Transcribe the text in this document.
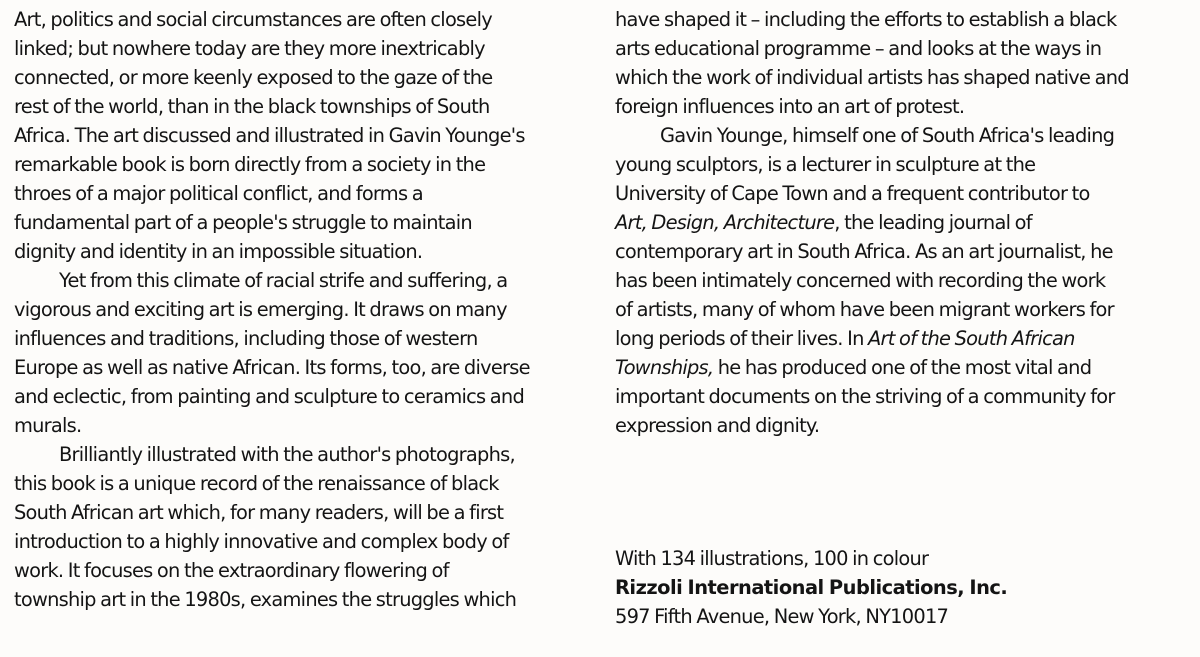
Art, politics and social circumstances are often closely
linked; but nowhere today are they more inextricably
connected, or more keenly exposed to the gaze of the
rest of the world, than in the black townships of South
Africa. The art discussed and illustrated in Gavin Younge's
remarkable book is born directly from a society in the
throes of a major political conflict, and forms a
fundamental part of a people's struggle to maintain
dignity and identity in an impossible situation.
Yet from this climate of racial strife and suffering, a
vigorous and exciting art is emerging. It draws on many
influences and traditions, including those of western
Europe as well as native African. Its forms, too, are diverse
and eclectic, from painting and sculpture to ceramics and
murals.
Brilliantly illustrated with the author's photographs,
this book is a unique record of the renaissance of black
South African art which, for many readers, will be a first
introduction to a highly innovative and complex body of
work. It focuses on the extraordinary flowering of
township art in the 1980s, examines the struggles which
have shaped it – including the efforts to establish a black
arts educational programme – and looks at the ways in
which the work of individual artists has shaped native and
foreign influences into an art of protest.
Gavin Younge, himself one of South Africa's leading
young sculptors, is a lecturer in sculpture at the
University of Cape Town and a frequent contributor to
Art, Design, Architecture, the leading journal of
contemporary art in South Africa. As an art journalist, he
has been intimately concerned with recording the work
of artists, many of whom have been migrant workers for
long periods of their lives. In Art of the South African
Townships, he has produced one of the most vital and
important documents on the striving of a community for
expression and dignity.
With 134 illustrations, 100 in colour
Rizzoli International Publications, Inc.
597 Fifth Avenue, New York, NY10017
